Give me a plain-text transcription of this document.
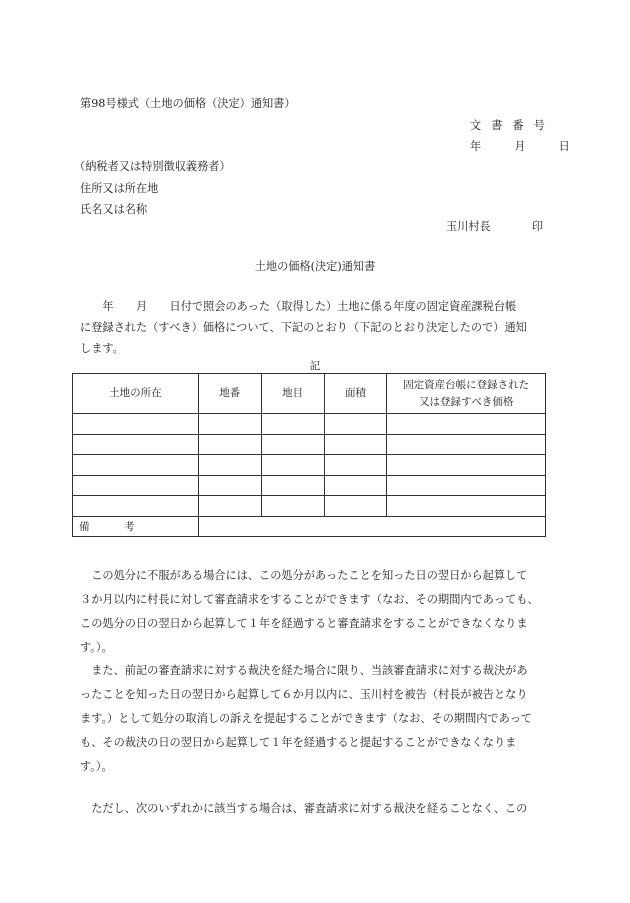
第98号様式（土地の価格（決定）通知書）
文書番号
年	月	日
（納税者又は特別徴収義務者）
住所又は所在地
氏名又は名称
玉川村長	印
土地の価格(決定)通知書
　　年　　月　　日付で照会のあった（取得した）土地に係る年度の固定資産課税台帳
に登録された（すべき）価格について、下記のとおり（下記のとおり決定したので）通知
します。
記
土地の所在	地番	地目	面積	固定資産台帳に登録された
又は登録すべき価格

備　考				
　この処分に不服がある場合には、この処分があったことを知った日の翌日から起算して
３か月以内に村長に対して審査請求をすることができます（なお、その期間内であっても、
この処分の日の翌日から起算して１年を経過すると審査請求をすることができなくなりま
す。）。
　また、前記の審査請求に対する裁決を経た場合に限り、当該審査請求に対する裁決があ
ったことを知った日の翌日から起算して６か月以内に、玉川村を被告（村長が被告となり
ます。）として処分の取消しの訴えを提起することができます（なお、その期間内であって
も、その裁決の日の翌日から起算して１年を経過すると提起することができなくなりま
す。）。
　ただし、次のいずれかに該当する場合は、審査請求に対する裁決を経ることなく、この
